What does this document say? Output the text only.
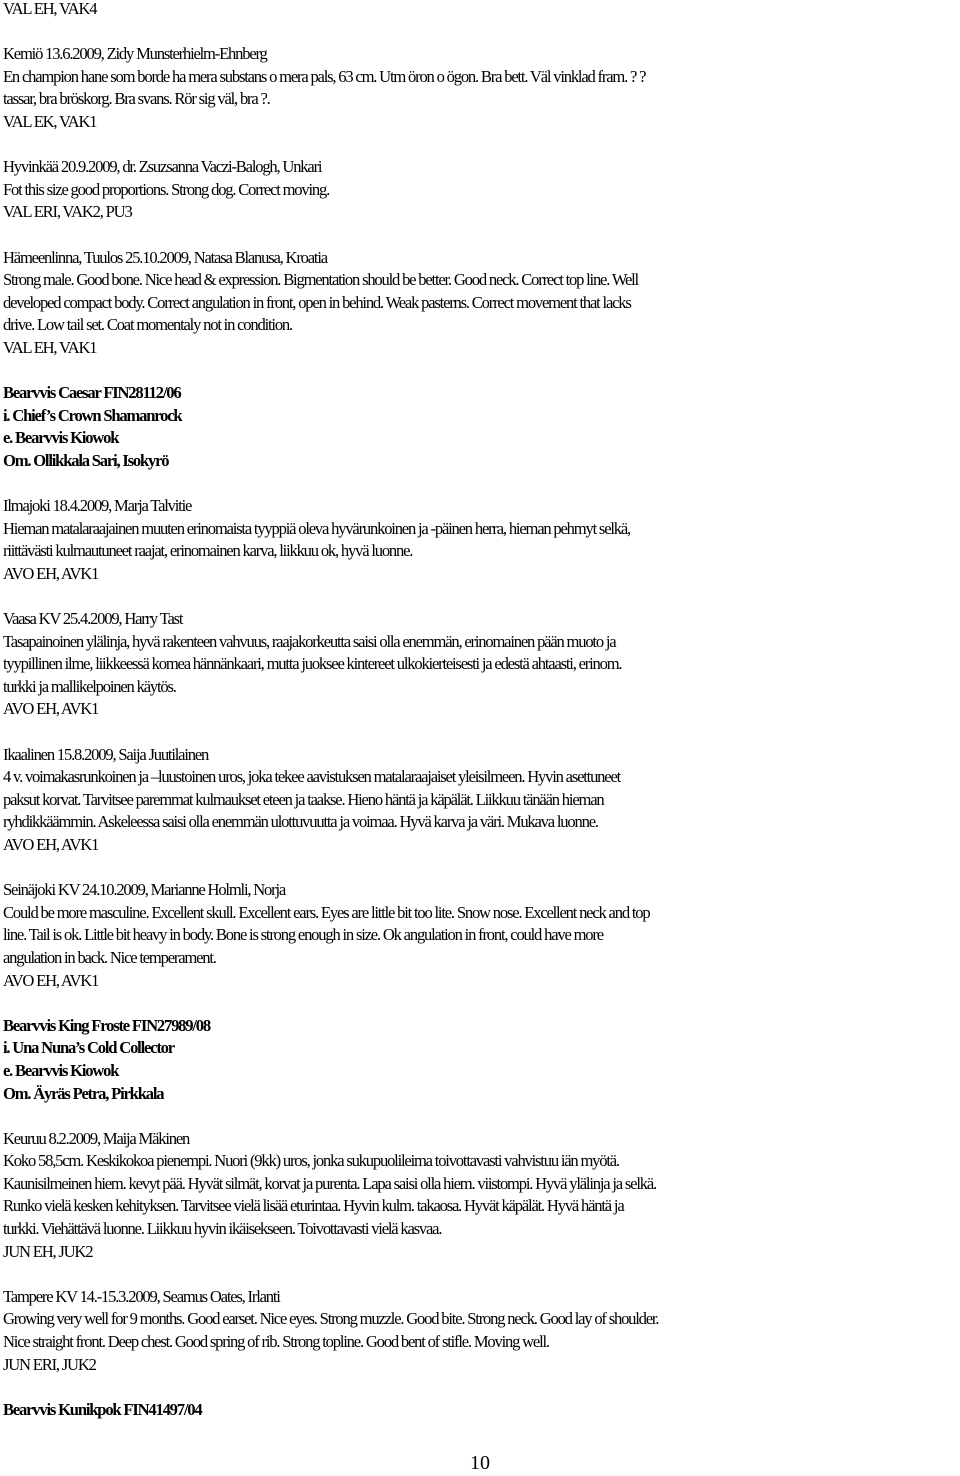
VAL EH, VAK4
Kemiö 13.6.2009, Zidy Munsterhielm-Ehnberg
En champion hane som borde ha mera substans o mera pals, 63 cm. Utm öron o ögon. Bra bett. Väl vinklad fram. ? ?
tassar, bra bröskorg. Bra svans. Rör sig väl, bra ?.
VAL EK, VAK1
Hyvinkää 20.9.2009, dr. Zsuzsanna Vaczi-Balogh, Unkari
Fot this size good proportions. Strong dog. Correct moving.
VAL ERI, VAK2, PU3
Hämeenlinna, Tuulos 25.10.2009, Natasa Blanusa, Kroatia
Strong male. Good bone. Nice head & expression. Bigmentation should be better. Good neck. Correct top line. Well
developed compact body. Correct angulation in front, open in behind. Weak pasterns. Correct movement that lacks
drive. Low tail set. Coat momentaly not in condition.
VAL EH, VAK1
Bearvvis Caesar FIN28112/06
i. Chief’s Crown Shamanrock
e. Bearvvis Kiowok
Om. Ollikkala Sari, Isokyrö
Ilmajoki 18.4.2009, Marja Talvitie
Hieman matalaraajainen muuten erinomaista tyyppiä oleva hyvärunkoinen ja -päinen herra, hieman pehmyt selkä,
riittävästi kulmautuneet raajat, erinomainen karva, liikkuu ok, hyvä luonne.
AVO EH, AVK1
Vaasa KV 25.4.2009, Harry Tast
Tasapainoinen ylälinja, hyvä rakenteen vahvuus, raajakorkeutta saisi olla enemmän, erinomainen pään muoto ja
tyypillinen ilme, liikkeessä komea hännänkaari, mutta juoksee kintereet ulkokierteisesti ja edestä ahtaasti, erinom.
turkki ja mallikelpoinen käytös.
AVO EH, AVK1
Ikaalinen 15.8.2009, Saija Juutilainen
4 v. voimakasrunkoinen ja –luustoinen uros, joka tekee aavistuksen matalaraajaiset yleisilmeen. Hyvin asettuneet
paksut korvat. Tarvitsee paremmat kulmaukset eteen ja taakse. Hieno häntä ja käpälät. Liikkuu tänään hieman
ryhdikkäämmin. Askeleessa saisi olla enemmän ulottuvuutta ja voimaa. Hyvä karva ja väri. Mukava luonne.
AVO EH, AVK1
Seinäjoki KV 24.10.2009, Marianne Holmli, Norja
Could be more masculine. Excellent skull. Excellent ears. Eyes are little bit too lite. Snow nose. Excellent neck and top
line. Tail is ok. Little bit heavy in body. Bone is strong enough in size. Ok angulation in front, could have more
angulation in back. Nice temperament.
AVO EH, AVK1
Bearvvis King Froste FIN27989/08
i. Una Nuna’s Cold Collector
e. Bearvvis Kiowok
Om. Äyräs Petra, Pirkkala
Keuruu 8.2.2009, Maija Mäkinen
Koko 58,5cm. Keskikokoa pienempi. Nuori (9kk) uros, jonka sukupuolileima toivottavasti vahvistuu iän myötä.
Kaunisilmeinen hiem. kevyt pää. Hyvät silmät, korvat ja purenta. Lapa saisi olla hiem. viistompi. Hyvä ylälinja ja selkä.
Runko vielä kesken kehityksen. Tarvitsee vielä lisää eturintaa. Hyvin kulm. takaosa. Hyvät käpälät. Hyvä häntä ja
turkki. Viehättävä luonne. Liikkuu hyvin ikäisekseen. Toivottavasti vielä kasvaa.
JUN EH, JUK2
Tampere KV 14.-15.3.2009, Seamus Oates, Irlanti
Growing very well for 9 months. Good earset. Nice eyes. Strong muzzle. Good bite. Strong neck. Good lay of shoulder.
Nice straight front. Deep chest. Good spring of rib. Strong topline. Good bent of stifle. Moving well.
JUN ERI, JUK2
Bearvvis Kunikpok FIN41497/04
10
